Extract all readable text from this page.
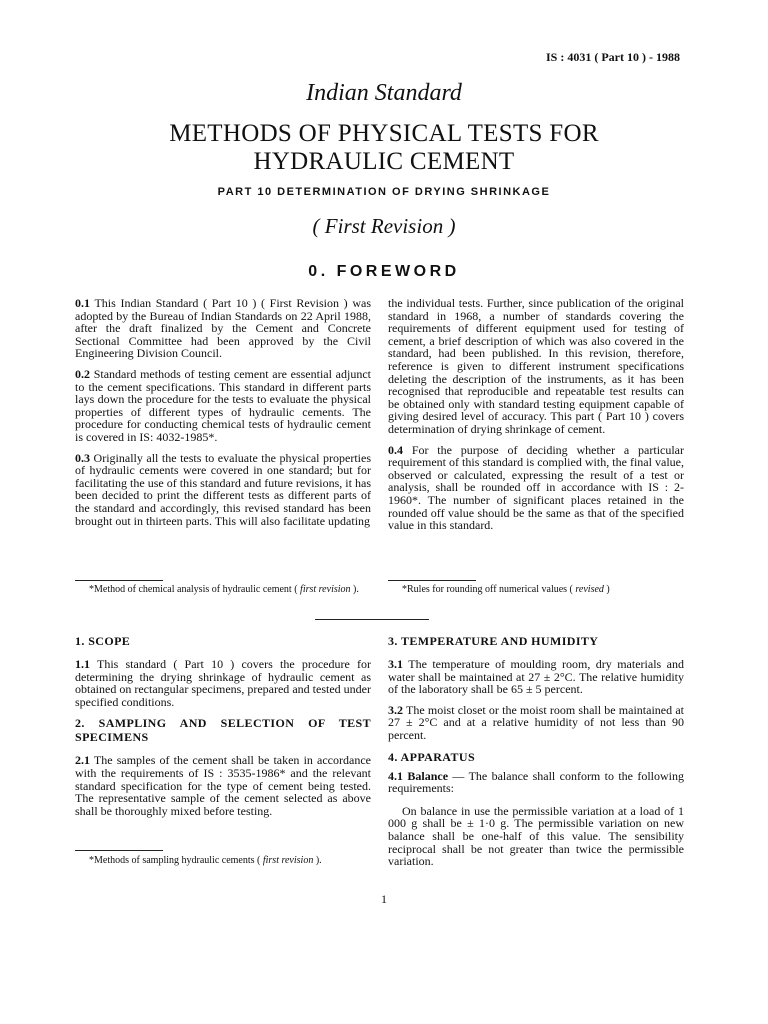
IS : 4031 ( Part 10 ) - 1988
Indian Standard
METHODS OF PHYSICAL TESTS FOR
HYDRAULIC CEMENT
PART 10 DETERMINATION OF DRYING SHRINKAGE
( First Revision )
0. FOREWORD

0.1 This Indian Standard ( Part 10 ) ( First Revision ) was adopted by the Bureau of Indian Standards on 22 April 1988, after the draft finalized by the Cement and Concrete Sectional Committee had been approved by the Civil Engineering Division Council.

0.2 Standard methods of testing cement are essential adjunct to the cement specifications. This standard in different parts lays down the procedure for the tests to evaluate the physical properties of different types of hydraulic cements. The procedure for conducting chemical tests of hydraulic cement is covered in IS: 4032-1985*.

0.3 Originally all the tests to evaluate the physical properties of hydraulic cements were covered in one standard; but for facilitating the use of this standard and future revisions, it has been decided to print the different tests as different parts of the standard and accordingly, this revised standard has been brought out in thirteen parts. This will also facilitate updating

*Method of chemical analysis of hydraulic cement ( first revision ).

the individual tests. Further, since publication of the original standard in 1968, a number of standards covering the requirements of different equipment used for testing of cement, a brief description of which was also covered in the standard, had been published. In this revision, therefore, reference is given to different instrument specifications deleting the description of the instruments, as it has been recognised that reproducible and repeatable test results can be obtained only with standard testing equipment capable of giving desired level of accuracy. This part ( Part 10 ) covers determination of drying shrinkage of cement.

0.4 For the purpose of deciding whether a particular requirement of this standard is complied with, the final value, observed or calculated, expressing the result of a test or analysis, shall be rounded off in accordance with IS : 2-1960*. The number of significant places retained in the rounded off value should be the same as that of the specified value in this standard.

*Rules for rounding off numerical values ( revised )
1. SCOPE

1.1 This standard ( Part 10 ) covers the procedure for determining the drying shrinkage of hydraulic cement as obtained on rectangular specimens, prepared and tested under specified conditions.

2. SAMPLING AND SELECTION OF TEST SPECIMENS

2.1 The samples of the cement shall be taken in accordance with the requirements of IS : 3535-1986* and the relevant standard specification for the type of cement being tested. The representative sample of the cement selected as above shall be thoroughly mixed before testing.

*Methods of sampling hydraulic cements ( first revision ).
3. TEMPERATURE AND HUMIDITY

3.1 The temperature of moulding room, dry materials and water shall be maintained at 27 ± 2°C. The relative humidity of the laboratory shall be 65 ± 5 percent.

3.2 The moist closet or the moist room shall be maintained at 27 ± 2°C and at a relative humidity of not less than 90 percent.

4. APPARATUS

4.1 Balance — The balance shall conform to the following requirements:

On balance in use the permissible variation at a load of 1 000 g shall be ± 1·0 g. The permissible variation on new balance shall be one-half of this value. The sensibility reciprocal shall be not greater than twice the permissible variation.

1
